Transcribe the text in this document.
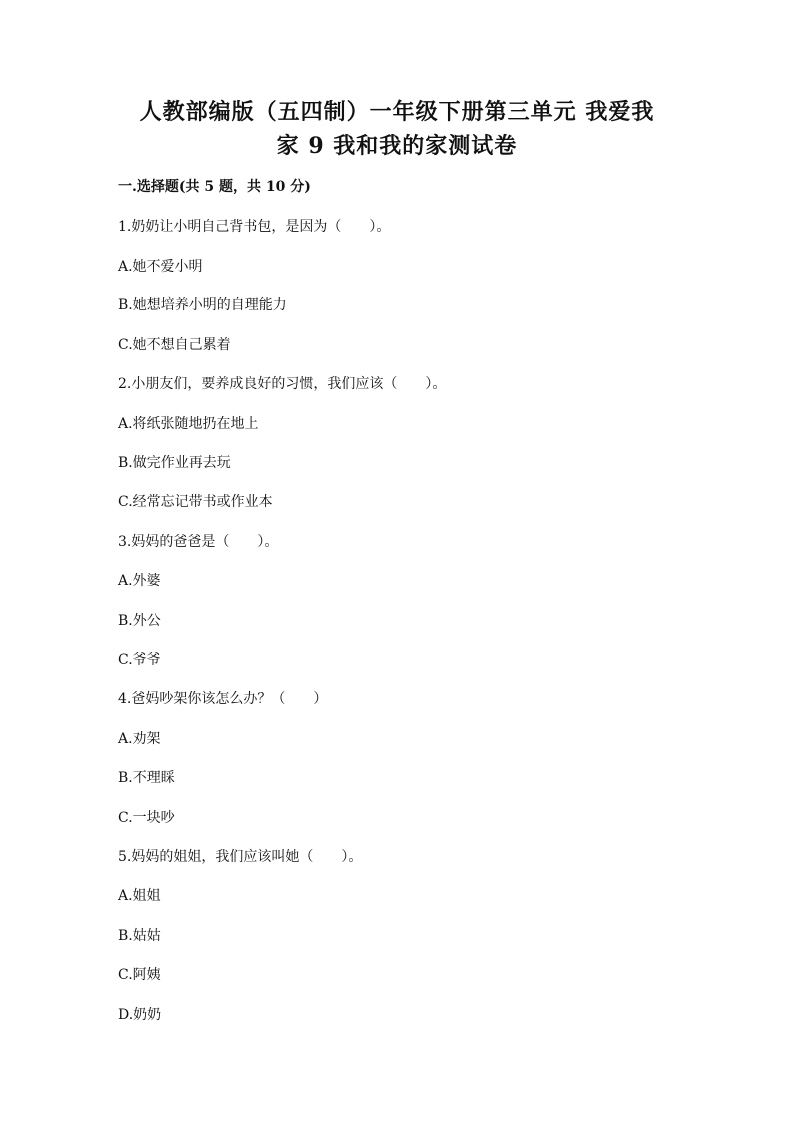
人教部编版（五四制）一年级下册第三单元 我爱我
家 9 我和我的家测试卷
一.选择题(共 5 题，共 10 分)
1.奶奶让小明自己背书包，是因为（　　）。
A.她不爱小明
B.她想培养小明的自理能力
C.她不想自己累着
2.小朋友们，要养成良好的习惯，我们应该（　　）。
A.将纸张随地扔在地上
B.做完作业再去玩
C.经常忘记带书或作业本
3.妈妈的爸爸是（　　）。
A.外婆
B.外公
C.爷爷
4.爸妈吵架你该怎么办？（　　）
A.劝架
B.不理睬
C.一块吵
5.妈妈的姐姐，我们应该叫她（　　）。
A.姐姐
B.姑姑
C.阿姨
D.奶奶
